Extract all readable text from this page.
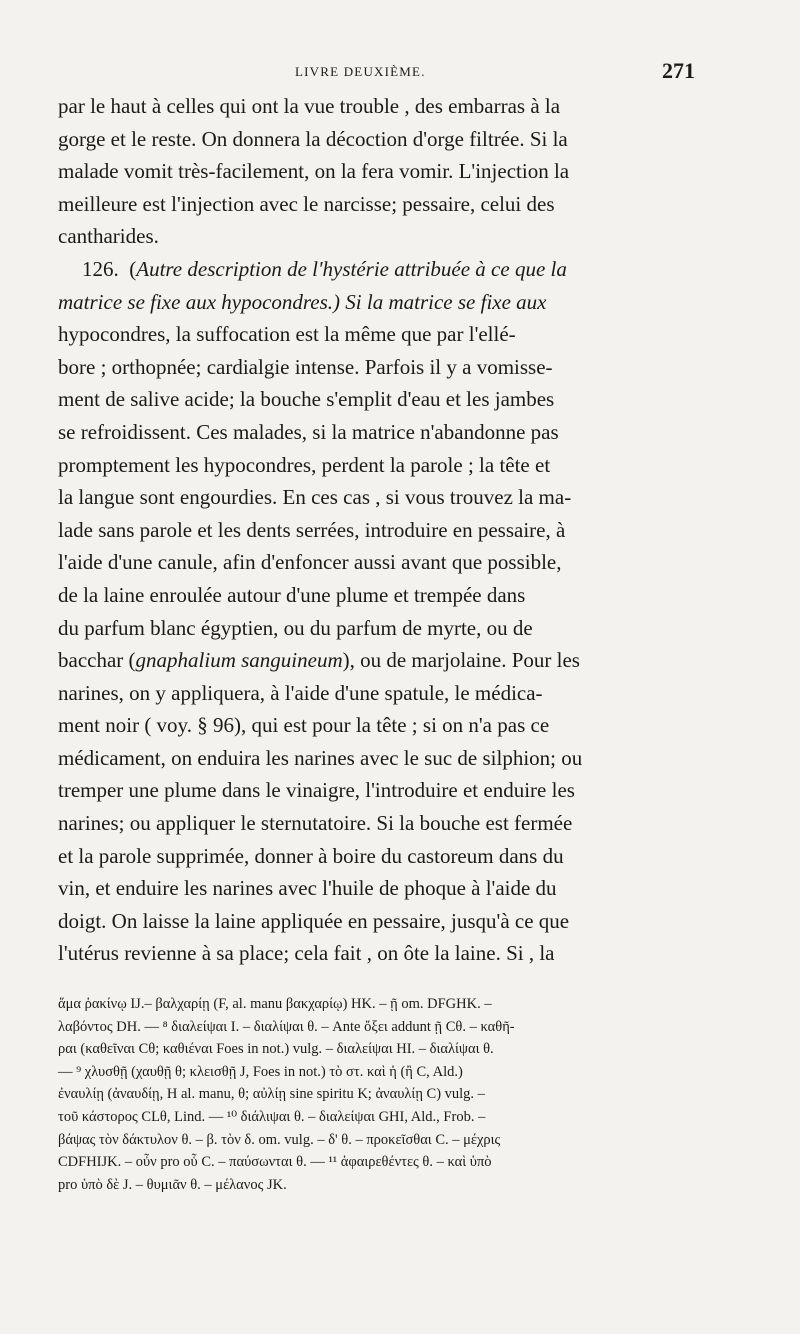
LIVRE DEUXIÈME.	271
par le haut à celles qui ont la vue trouble , des embarras à la
gorge et le reste. On donnera la décoction d'orge filtrée. Si la
malade vomit très-facilement, on la fera vomir. L'injection la
meilleure est l'injection avec le narcisse; pessaire, celui des
cantharides.
126. (Autre description de l'hystérie attribuée à ce que la
matrice se fixe aux hypocondres.) Si la matrice se fixe aux
hypocondres, la suffocation est la même que par l'ellé-
bore ; orthopnée; cardialgie intense. Parfois il y a vomisse-
ment de salive acide; la bouche s'emplit d'eau et les jambes
se refroidissent. Ces malades, si la matrice n'abandonne pas
promptement les hypocondres, perdent la parole ; la tête et
la langue sont engourdies. En ces cas , si vous trouvez la ma-
lade sans parole et les dents serrées, introduire en pessaire, à
l'aide d'une canule, afin d'enfoncer aussi avant que possible,
de la laine enroulée autour d'une plume et trempée dans
du parfum blanc égyptien, ou du parfum de myrte, ou de
bacchar (gnaphalium sanguineum), ou de marjolaine. Pour les
narines, on y appliquera, à l'aide d'une spatule, le médica-
ment noir ( voy. § 96), qui est pour la tête ; si on n'a pas ce
médicament, on enduira les narines avec le suc de silphion; ou
tremper une plume dans le vinaigre, l'introduire et enduire les
narines; ou appliquer le sternutatoire. Si la bouche est fermée
et la parole supprimée, donner à boire du castoreum dans du
vin, et enduire les narines avec l'huile de phoque à l'aide du
doigt. On laisse la laine appliquée en pessaire, jusqu'à ce que
l'utérus revienne à sa place; cela fait , on ôte la laine. Si , la
ἅμα ῥακίνῳ IJ.– βαλχαρίῃ (F, al. manu βακχαρίῳ) HK. – ῇ om. DFGHK. –
λαβόντος DH. — ⁸ διαλείψαι I. – διαλίψαι θ. – Ante ὄξει addunt ῇ Cθ. – καθῆ-
ραι (καθεῖναι Cθ; καθιέναι Foes in not.) vulg. – διαλείψαι HI. – διαλίψαι θ.
— ⁹ χλυσθῇ (χαυθῇ θ; κλεισθῇ J, Foes in not.) τὸ στ. καὶ ἡ (ἢ C, Ald.)
ἐναυλίῃ (ἀναυδίῃ, H al. manu, θ; αὐλίῃ sine spiritu K; ἀναυλίῃ C) vulg. –
τοῦ κάστορος CLθ, Lind. — ¹⁰ διάλιψαι θ. – διαλείψαι GHI, Ald., Frob. –
βάψας τὸν δάκτυλον θ. – β. τὸν δ. om. vulg. – δ' θ. – προκεῖσθαι C. – μέχρις
CDFHIJK. – οὖν pro οὗ C. – παύσωνται θ. — ¹¹ ἀφαιρεθέντες θ. – καὶ ὑπὸ
pro ὑπὸ δὲ J. – θυμιᾶν θ. – μέλανος JK.
